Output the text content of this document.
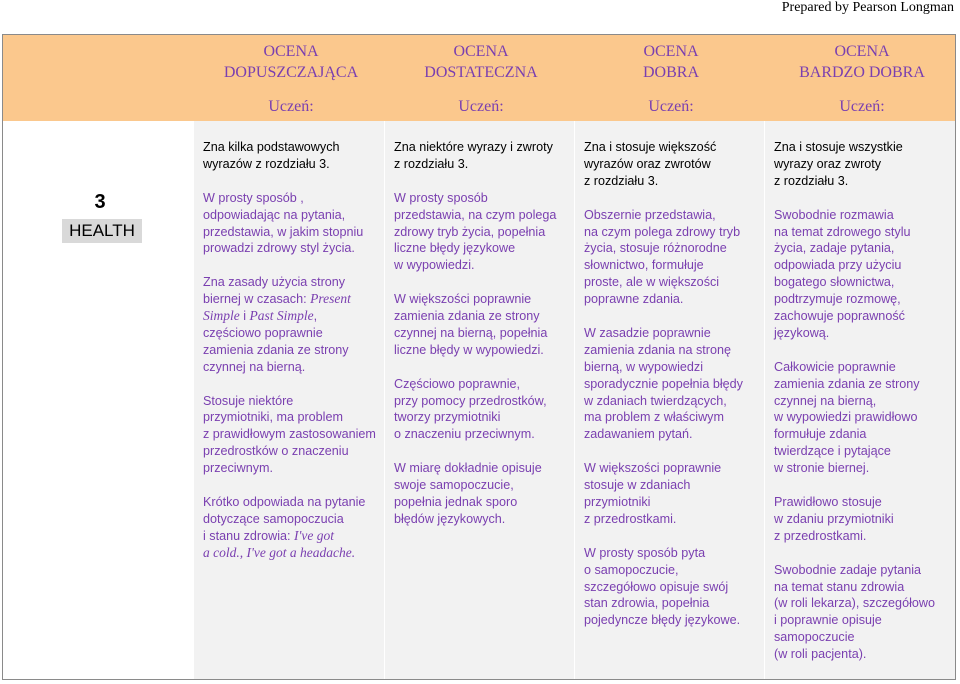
Prepared by Pearson Longman
OCENA
DOPUSZCZAJĄCA
Uczeń:
OCENA
DOSTATECZNA
Uczeń:
OCENA
DOBRA
Uczeń:
OCENA
BARDZO DOBRA
Uczeń:
3
HEALTH
Zna kilka podstawowych
wyrazów z rozdziału 3.
W prosty sposób ,
odpowiadając na pytania,
przedstawia, w jakim stopniu
prowadzi zdrowy styl życia.
Zna zasady użycia strony
biernej w czasach: Present
Simple i Past Simple,
częściowo poprawnie
zamienia zdania ze strony
czynnej na bierną.
Stosuje niektóre
przymiotniki, ma problem
z prawidłowym zastosowaniem
przedrostków o znaczeniu
przeciwnym.
Krótko odpowiada na pytanie
dotyczące samopoczucia
i stanu zdrowia: I've got
a cold., I've got a headache.
Zna niektóre wyrazy i zwroty
z rozdziału 3.
W prosty sposób
przedstawia, na czym polega
zdrowy tryb życia, popełnia
liczne błędy językowe
w wypowiedzi.
W większości poprawnie
zamienia zdania ze strony
czynnej na bierną, popełnia
liczne błędy w wypowiedzi.
Częściowo poprawnie,
przy pomocy przedrostków,
tworzy przymiotniki
o znaczeniu przeciwnym.
W miarę dokładnie opisuje
swoje samopoczucie,
popełnia jednak sporo
błędów językowych.
Zna i stosuje większość
wyrazów oraz zwrotów
z rozdziału 3.
Obszernie przedstawia,
na czym polega zdrowy tryb
życia, stosuje różnorodne
słownictwo, formułuje
proste, ale w większości
poprawne zdania.
W zasadzie poprawnie
zamienia zdania na stronę
bierną, w wypowiedzi
sporadycznie popełnia błędy
w zdaniach twierdzących,
ma problem z właściwym
zadawaniem pytań.
W większości poprawnie
stosuje w zdaniach
przymiotniki
z przedrostkami.
W prosty sposób pyta
o samopoczucie,
szczegółowo opisuje swój
stan zdrowia, popełnia
pojedyncze błędy językowe.
Zna i stosuje wszystkie
wyrazy oraz zwroty
z rozdziału 3.
Swobodnie rozmawia
na temat zdrowego stylu
życia, zadaje pytania,
odpowiada przy użyciu
bogatego słownictwa,
podtrzymuje rozmowę,
zachowuje poprawność
językową.
Całkowicie poprawnie
zamienia zdania ze strony
czynnej na bierną,
w wypowiedzi prawidłowo
formułuje zdania
twierdzące i pytające
w stronie biernej.
Prawidłowo stosuje
w zdaniu przymiotniki
z przedrostkami.
Swobodnie zadaje pytania
na temat stanu zdrowia
(w roli lekarza), szczegółowo
i poprawnie opisuje
samopoczucie
(w roli pacjenta).
